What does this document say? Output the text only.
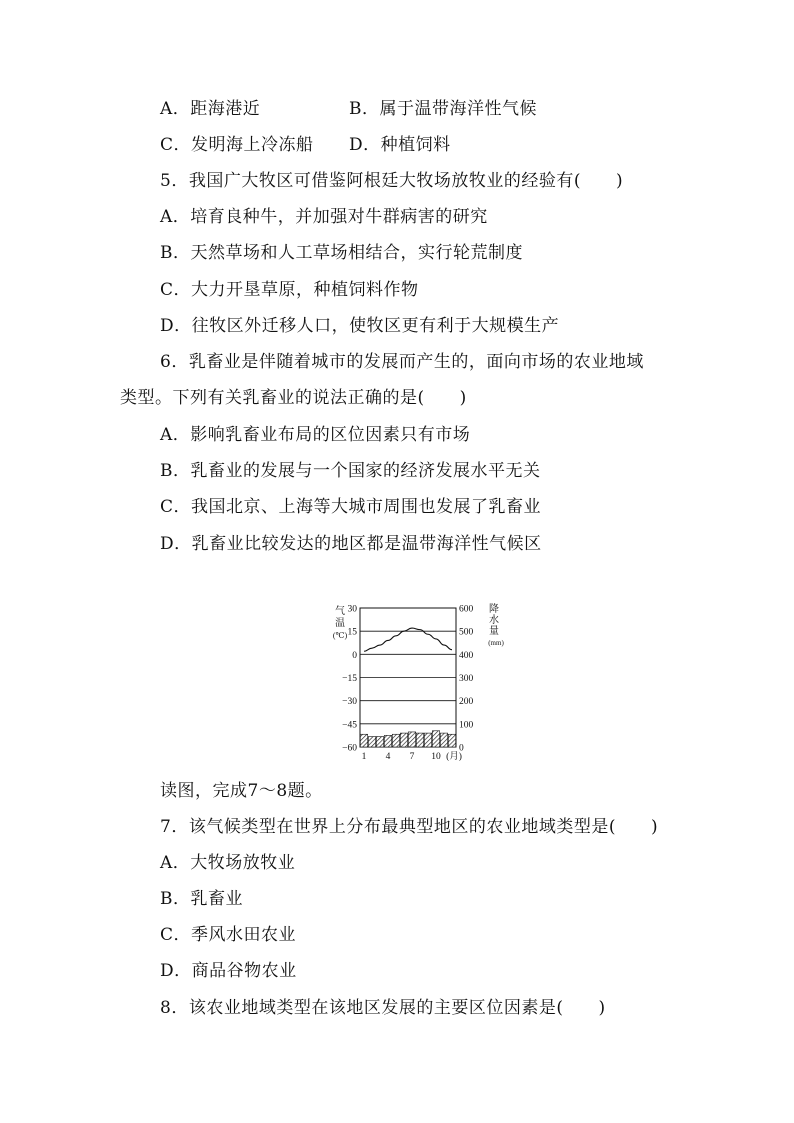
A．距海港近	B．属于温带海洋性气候
C．发明海上冷冻船 D．种植饲料
5．我国广大牧区可借鉴阿根廷大牧场放牧业的经验有(　　)
A．培育良种牛，并加强对牛群病害的研究
B．天然草场和人工草场相结合，实行轮荒制度
C．大力开垦草原，种植饲料作物
D．往牧区外迁移人口，使牧区更有利于大规模生产
6．乳畜业是伴随着城市的发展而产生的，面向市场的农业地域
类型。下列有关乳畜业的说法正确的是(　　)
A．影响乳畜业布局的区位因素只有市场
B．乳畜业的发展与一个国家的经济发展水平无关
C．我国北京、上海等大城市周围也发展了乳畜业
D．乳畜业比较发达的地区都是温带海洋性气候区
30
15
0
−15
−30
−45
−60
600
500
400
300
200
100
0
1 4 7 10 (月)
气
温
(℃)
降
水
量
(mm)
读图，完成7～8题。
7．该气候类型在世界上分布最典型地区的农业地域类型是(　　)
A．大牧场放牧业
B．乳畜业
C．季风水田农业
D．商品谷物农业
8．该农业地域类型在该地区发展的主要区位因素是(　　)
